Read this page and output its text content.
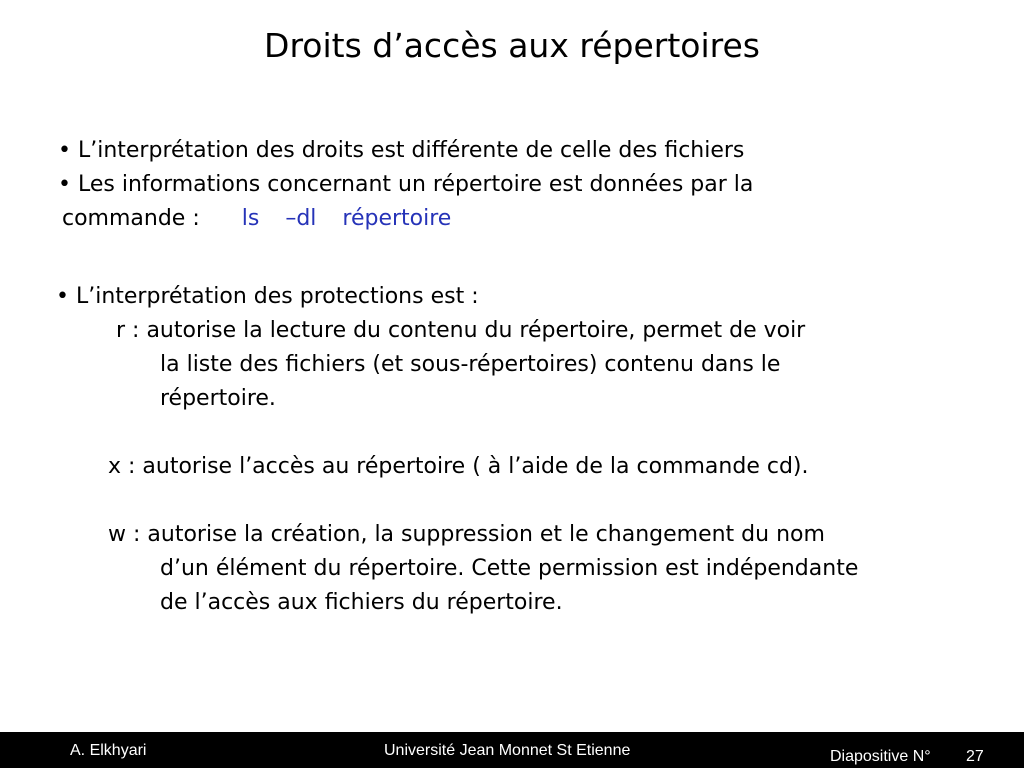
Droits d’accès aux répertoires
• L’interprétation des droits est différente de celle des fichiers
• Les informations concernant un répertoire est données par la
commande : ls –dl répertoire
• L’interprétation des protections est :
r : autorise la lecture du contenu du répertoire, permet de voir
la liste des fichiers (et sous-répertoires) contenu dans le
répertoire.
x : autorise l’accès au répertoire ( à l’aide de la commande cd).
w : autorise la création, la suppression et le changement du nom
d’un élément du répertoire. Cette permission est indépendante
de l’accès aux fichiers du répertoire.
A. Elkhyari	Université Jean Monnet St Etienne	Diapositive N° 27
